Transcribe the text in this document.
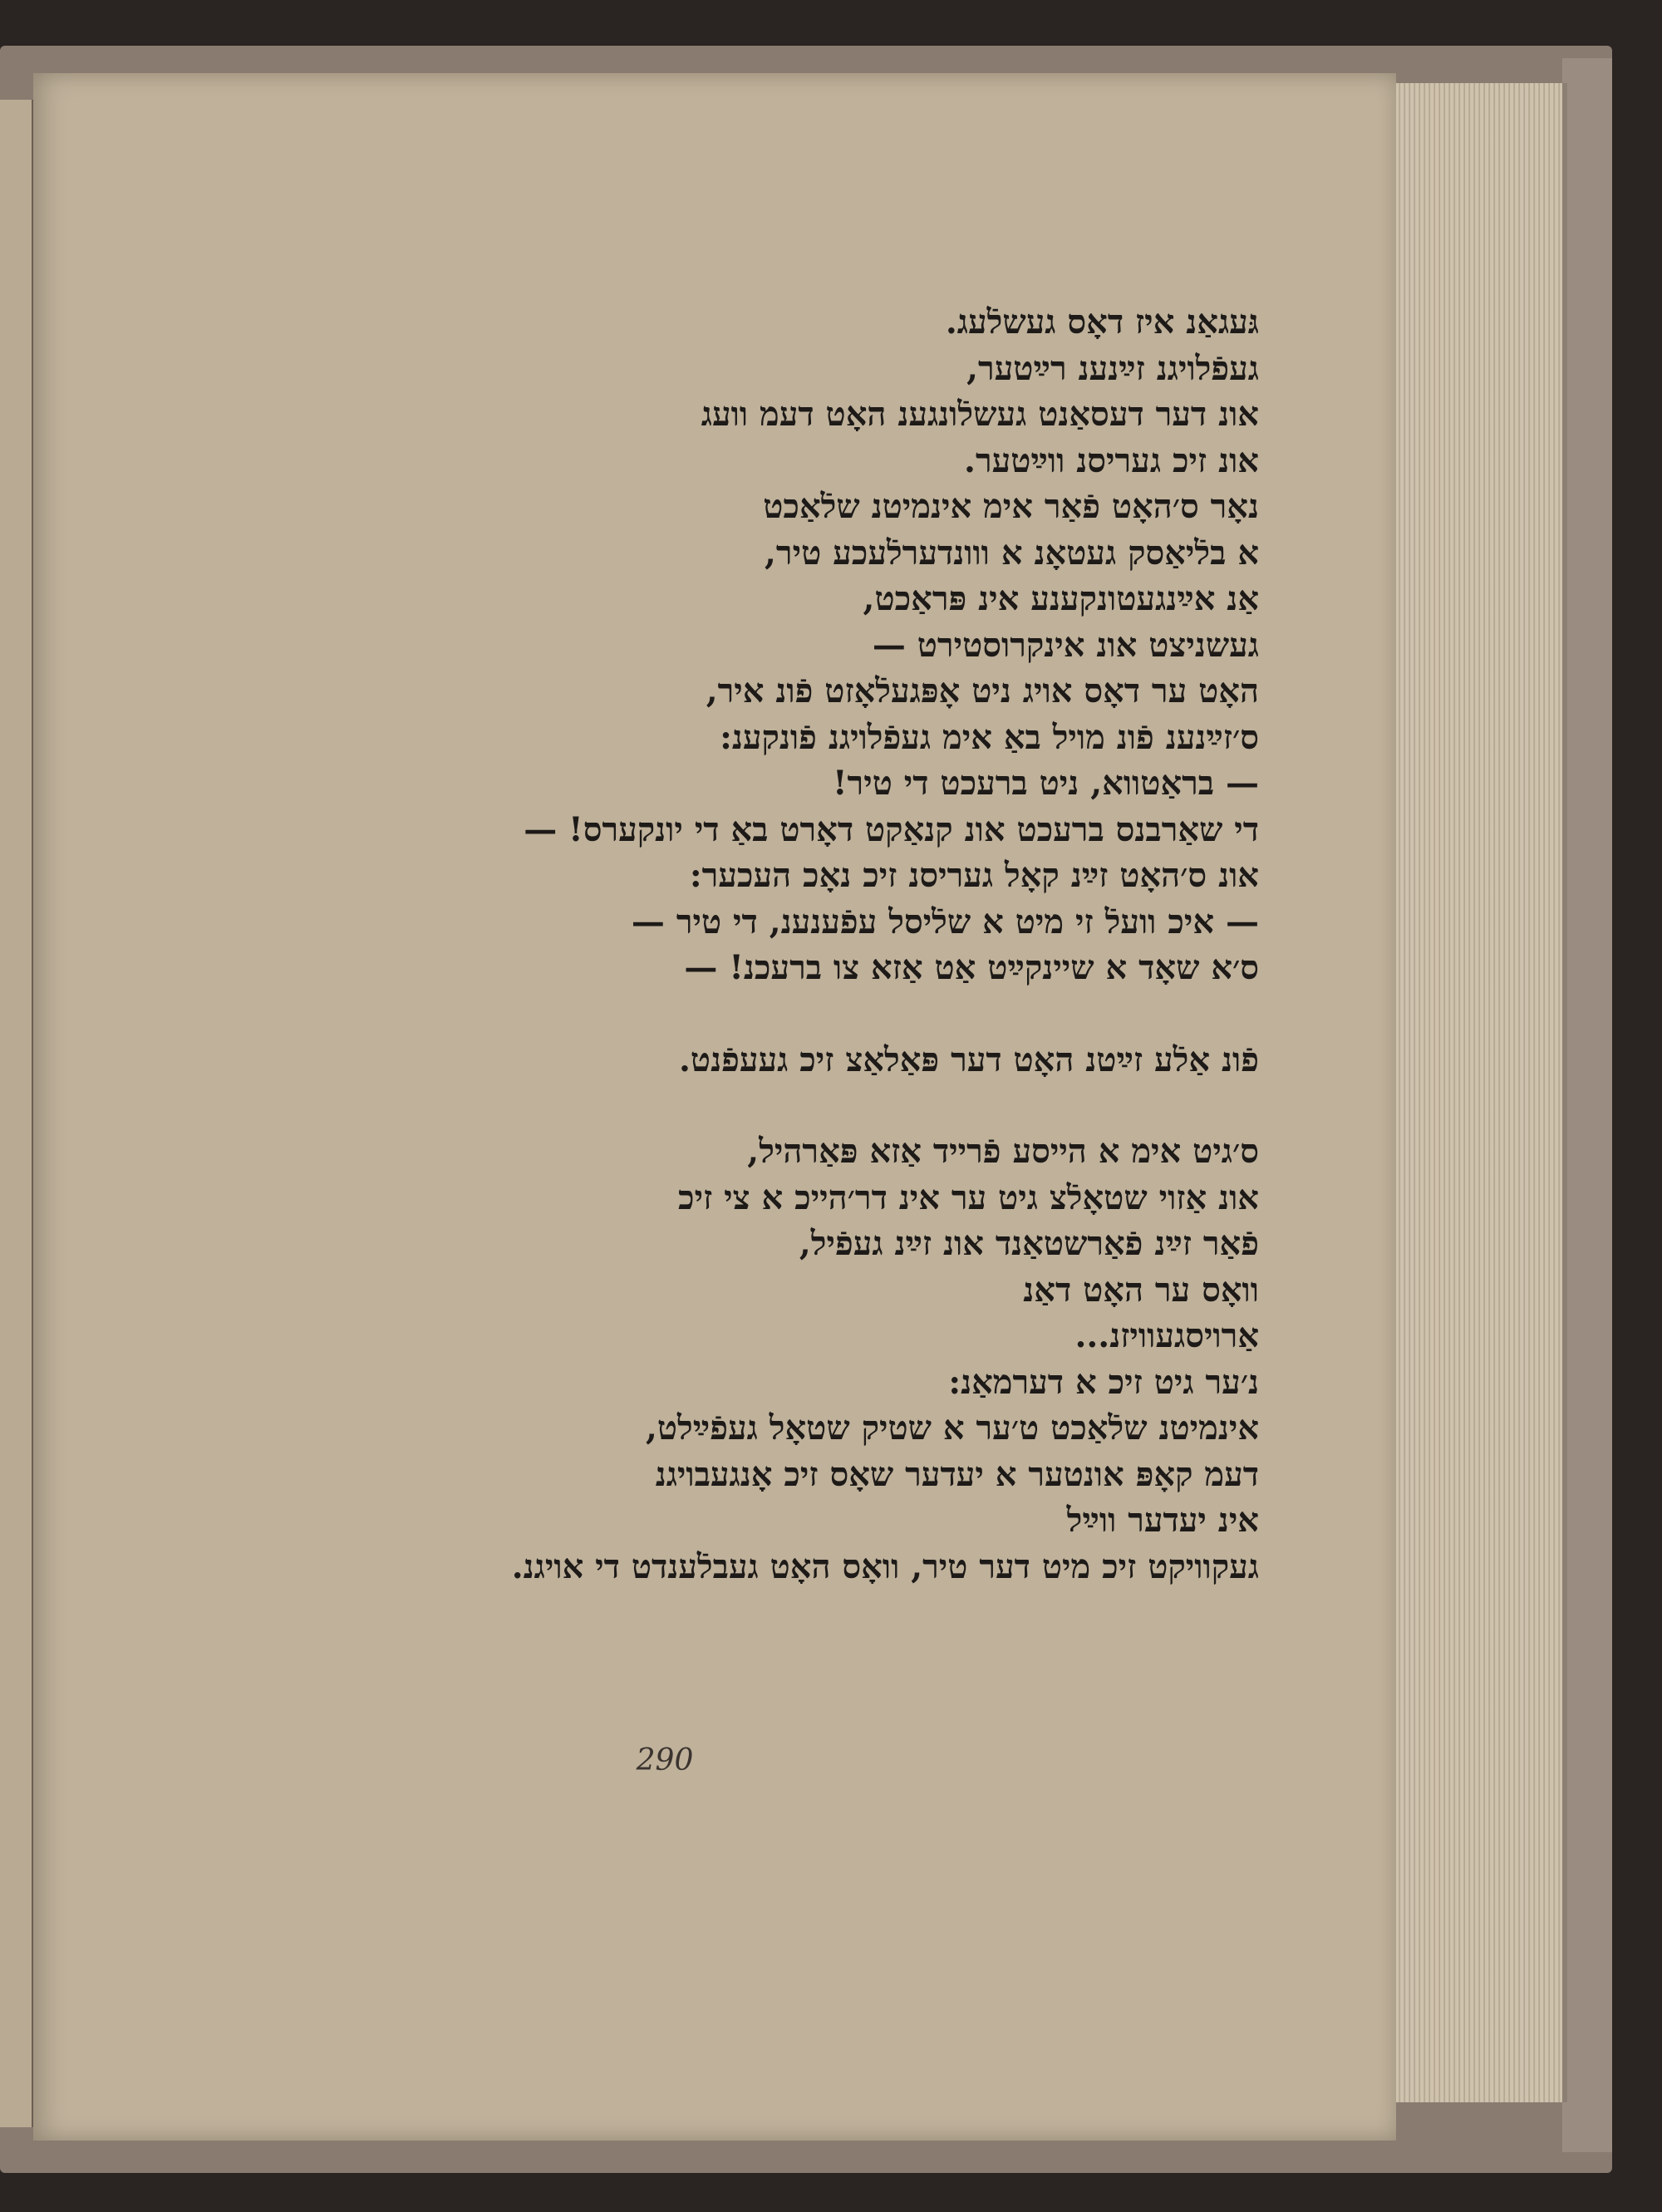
גּעגאַנ איז דאָס געשלֿעג.
געפֿלויגנ זײַנענ רײַטער,
אונ דער דעסאַנט געשלֿונגענ האָט דעמ וועג
אונ זיכ געריסנ ווײַטער.
נאָר ס׳האָט פֿאַר אימ אינמיטנ שלֿאַכט
א בלֿיאַסק געטאָנ א ווונדערלֿעכע טיר,
אַנ אײַנגעטונקענע אינ פּראַכט,
געשניצט אונ אינקרוסטירט —
האָט ער דאָס אויג ניט אָפּגעלֿאָזט פֿונ איר,
ס׳זײַנענ פֿונ מויל באַ אימ געפֿלויגנ פֿונקענ:
— בראַטווא, ניט ברעכט די טיר!
די שאַרבנס ברעכט אונ קנאַקט דאָרט באַ די יונקערס! —
אונ ס׳האָט זײַנ קאָל געריסנ זיכ נאָכ העכער:
— איכ וועלֿ זי מיט א שלֿיסל עפֿענענ, די טיר —
ס׳א שאָד א שיינקײַט אַט אַזא צו ברעכנ! —
פֿונ אַלֿע זײַטנ האָט דער פּאַלאַצ זיכ געעפֿנט.
ס׳גיט אימ א הייסע פֿרייד אַזא פּאַרהיל,
אונ אַזוי שטאָלֿצ גיט ער אינ דר׳הייכ א צי זיכ
פֿאַר זײַנ פֿאַרשטאַנד אונ זײַנ געפֿיל,
וואָס ער האָט דאַנ
אַרויסגעוויזנ...
נ׳ער גיט זיכ א דערמאַנ:
אינמיטנ שלֿאַכט ט׳ער א שטיק שטאָל געפֿײַלט,
דעמ קאָפּ אונטער א יעדער שאָס זיכ אָנגעבויגנ
אינ יעדער ווײַל
געקוויקט זיכ מיט דער טיר, וואָס האָט געבלֿענדט די אויגנ.
290
